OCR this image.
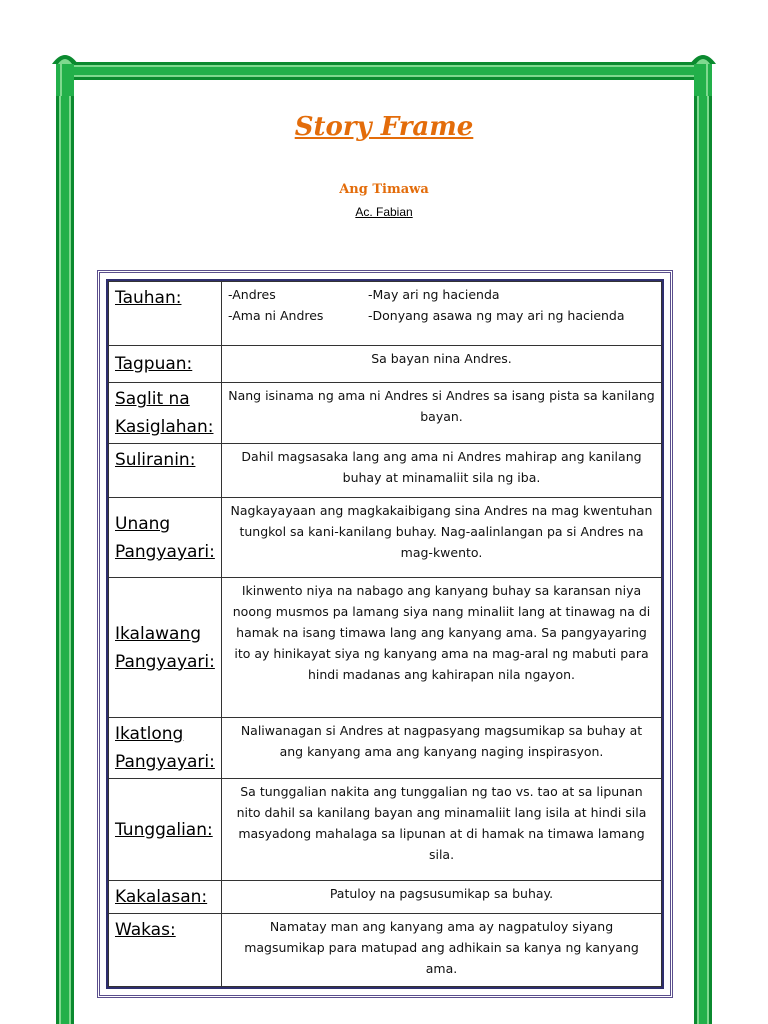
Story Frame
Ang Timawa
Ac. Fabian
Tauhan:	-Andres -May ari ng hacienda
-Ama ni Andres -Donyang asawa ng may ari ng hacienda

Tagpuan:	Sa bayan nina Andres.
Saglit na Kasiglahan:	Nang isinama ng ama ni Andres si Andres sa isang pista sa kanilang bayan.
Suliranin:	Dahil magsasaka lang ang ama ni Andres mahirap ang kanilang buhay at minamaliit sila ng iba.
Unang Pangyayari:	Nagkayayaan ang magkakaibigang sina Andres na mag kwentuhan tungkol sa kani-kanilang buhay. Nag-aalinlangan pa si Andres na mag-kwento.
Ikalawang Pangyayari:	Ikinwento niya na nabago ang kanyang buhay sa karansan niya noong musmos pa lamang siya nang minaliit lang at tinawag na di hamak na isang timawa lang ang kanyang ama. Sa pangyayaring ito ay hinikayat siya ng kanyang ama na mag-aral ng mabuti para hindi madanas ang kahirapan nila ngayon.
Ikatlong Pangyayari:	Naliwanagan si Andres at nagpasyang magsumikap sa buhay at ang kanyang ama ang kanyang naging inspirasyon.
Tunggalian:	Sa tunggalian nakita ang tunggalian ng tao vs. tao at sa lipunan nito dahil sa kanilang bayan ang minamaliit lang isila at hindi sila masyadong mahalaga sa lipunan at di hamak na timawa lamang sila.
Kakalasan:	Patuloy na pagsusumikap sa buhay.
Wakas:	Namatay man ang kanyang ama ay nagpatuloy siyang magsumikap para matupad ang adhikain sa kanya ng kanyang ama.
